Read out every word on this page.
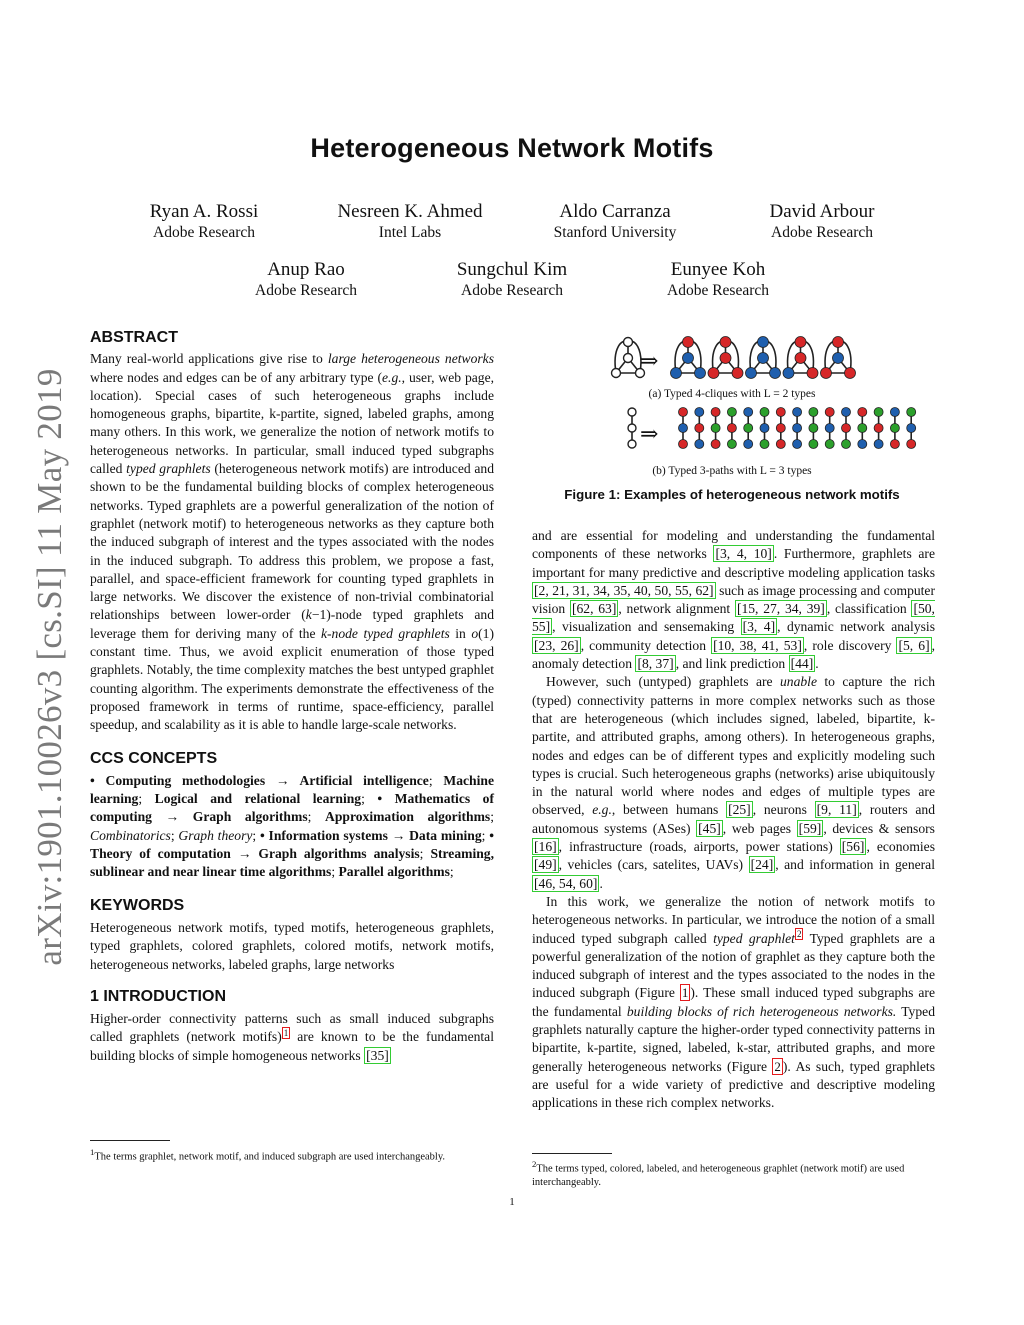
Heterogeneous Network Motifs
Ryan A. Rossi
Adobe Research
Nesreen K. Ahmed
Intel Labs
Aldo Carranza
Stanford University
David Arbour
Adobe Research
Anup Rao
Adobe Research
Sungchul Kim
Adobe Research
Eunyee Koh
Adobe Research
arXiv:1901.10026v3 [cs.SI] 11 May 2019
ABSTRACT

Many real-world applications give rise to large heterogeneous networks where nodes and edges can be of any arbitrary type (e.g., user, web page, location). Special cases of such heterogeneous graphs include homogeneous graphs, bipartite, k-partite, signed, labeled graphs, among many others. In this work, we generalize the notion of network motifs to heterogeneous networks. In particular, small induced typed subgraphs called typed graphlets (heterogeneous network motifs) are introduced and shown to be the fundamental building blocks of complex heterogeneous networks. Typed graphlets are a powerful generalization of the notion of graphlet (network motif) to heterogeneous networks as they capture both the induced subgraph of interest and the types associated with the nodes in the induced subgraph. To address this problem, we propose a fast, parallel, and space-efficient framework for counting typed graphlets in large networks. We discover the existence of non-trivial combinatorial relationships between lower-order (k−1)-node typed graphlets and leverage them for deriving many of the k-node typed graphlets in o(1) constant time. Thus, we avoid explicit enumeration of those typed graphlets. Notably, the time complexity matches the best untyped graphlet counting algorithm. The experiments demonstrate the effectiveness of the proposed framework in terms of runtime, space-efficiency, parallel speedup, and scalability as it is able to handle large-scale networks.

CCS CONCEPTS

• Computing methodologies → Artificial intelligence; Machine learning; Logical and relational learning; • Mathematics of computing → Graph algorithms; Approximation algorithms; Combinatorics; Graph theory; • Information systems → Data mining; • Theory of computation → Graph algorithms analysis; Streaming, sublinear and near linear time algorithms; Parallel algorithms;

KEYWORDS

Heterogeneous network motifs, typed motifs, heterogeneous graphlets, typed graphlets, colored graphlets, colored motifs, network motifs, heterogeneous networks, labeled graphs, large networks

1 INTRODUCTION

Higher-order connectivity patterns such as small induced subgraphs called graphlets (network motifs) $^1$ are known to be the fundamental building blocks of simple homogeneous networks [35]

$^1$The terms graphlet, network motif, and induced subgraph are used interchangeably.
⇒
⇒
(a) Typed 4-cliques with L = 2 types
(b) Typed 3-paths with L = 3 types
Figure 1: Examples of heterogeneous network motifs

and are essential for modeling and understanding the fundamental components of these networks [3, 4, 10] . Furthermore, graphlets are important for many predictive and descriptive modeling application tasks [2, 21, 31, 34, 35, 40, 50, 55, 62] such as image processing and computer vision [62, 63] , network alignment [15, 27, 34, 39] , classification [50, 55] , visualization and sensemaking [3, 4] , dynamic network analysis [23, 26] , community detection [10, 38, 41, 53] , role discovery [5, 6] , anomaly detection [8, 37] , and link prediction [44] .

However, such (untyped) graphlets are unable to capture the rich (typed) connectivity patterns in more complex networks such as those that are heterogeneous (which includes signed, labeled, bipartite, k-partite, and attributed graphs, among others). In heterogeneous graphs, nodes and edges can be of different types and explicitly modeling such types is crucial. Such heterogeneous graphs (networks) arise ubiquitously in the natural world where nodes and edges of multiple types are observed, e.g., between humans [25] , neurons [9, 11] , routers and autonomous systems (ASes) [45] , web pages [59] , devices & sensors [16] , infrastructure (roads, airports, power stations) [56] , economies [49] , vehicles (cars, satelites, UAVs) [24] , and information in general [46, 54, 60] .

In this work, we generalize the notion of network motifs to heterogeneous networks. In particular, we introduce the notion of a small induced typed subgraph called typed graphlet $^2$ Typed graphlets are a powerful generalization of the notion of graphlet as they capture both the induced subgraph of interest and the types associated to the nodes in the induced subgraph (Figure 1 ). These small induced typed subgraphs are the fundamental building blocks of rich heterogeneous networks. Typed graphlets naturally capture the higher-order typed connectivity patterns in bipartite, k-partite, signed, labeled, k-star, attributed graphs, and more generally heterogeneous networks (Figure 2 ). As such, typed graphlets are useful for a wide variety of predictive and descriptive modeling applications in these rich complex networks.

$^2$The terms typed, colored, labeled, and heterogeneous graphlet (network motif) are used interchangeably.
1
